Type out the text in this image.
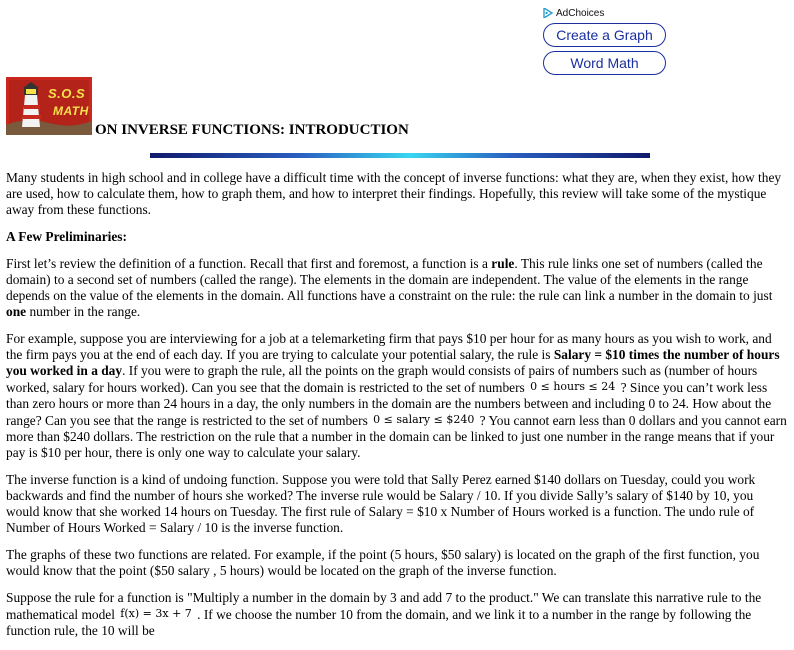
AdChoices
Create a Graph
Word Math
S.O.S
MATH
ON INVERSE FUNCTIONS: INTRODUCTION

Many students in high school and in college have a difficult time with the concept of inverse functions: what they are, when they exist, how they are used, how to calculate them, how to graph them, and how to interpret their findings. Hopefully, this review will take some of the mystique away from these functions.

A Few Preliminaries:

First let’s review the definition of a function. Recall that first and foremost, a function is a rule. This rule links one set of numbers (called the domain) to a second set of numbers (called the range). The elements in the domain are independent. The value of the elements in the range depends on the value of the elements in the domain. All functions have a constraint on the rule: the rule can link a number in the domain to just one number in the range.

For example, suppose you are interviewing for a job at a telemarketing firm that pays $10 per hour for as many hours as you wish to work, and the firm pays you at the end of each day. If you are trying to calculate your potential salary, the rule is Salary = $10 times the number of hours you worked in a day. If you were to graph the rule, all the points on the graph would consists of pairs of numbers such as (number of hours worked, salary for hours worked). Can you see that the domain is restricted to the set of numbers 0 ≤ hours ≤ 24 ? Since you can’t work less than zero hours or more than 24 hours in a day, the only numbers in the domain are the numbers between and including 0 to 24. How about the range? Can you see that the range is restricted to the set of numbers 0 ≤ salary ≤ $240 ? You cannot earn less than 0 dollars and you cannot earn more than $240 dollars. The restriction on the rule that a number in the domain can be linked to just one number in the range means that if your pay is $10 per hour, there is only one way to calculate your salary.

The inverse function is a kind of undoing function. Suppose you were told that Sally Perez earned $140 dollars on Tuesday, could you work backwards and find the number of hours she worked? The inverse rule would be Salary / 10. If you divide Sally’s salary of $140 by 10, you would know that she worked 14 hours on Tuesday. The first rule of Salary = $10 x Number of Hours worked is a function. The undo rule of Number of Hours Worked = Salary / 10 is the inverse function.

The graphs of these two functions are related. For example, if the point (5 hours, $50 salary) is located on the graph of the first function, you would know that the point ($50 salary , 5 hours) would be located on the graph of the inverse function.

Suppose the rule for a function is "Multiply a number in the domain by 3 and add 7 to the product." We can translate this narrative rule to the mathematical model f(x) = 3x + 7 . If we choose the number 10 from the domain, and we link it to a number in the range by following the function rule, the 10 will be
